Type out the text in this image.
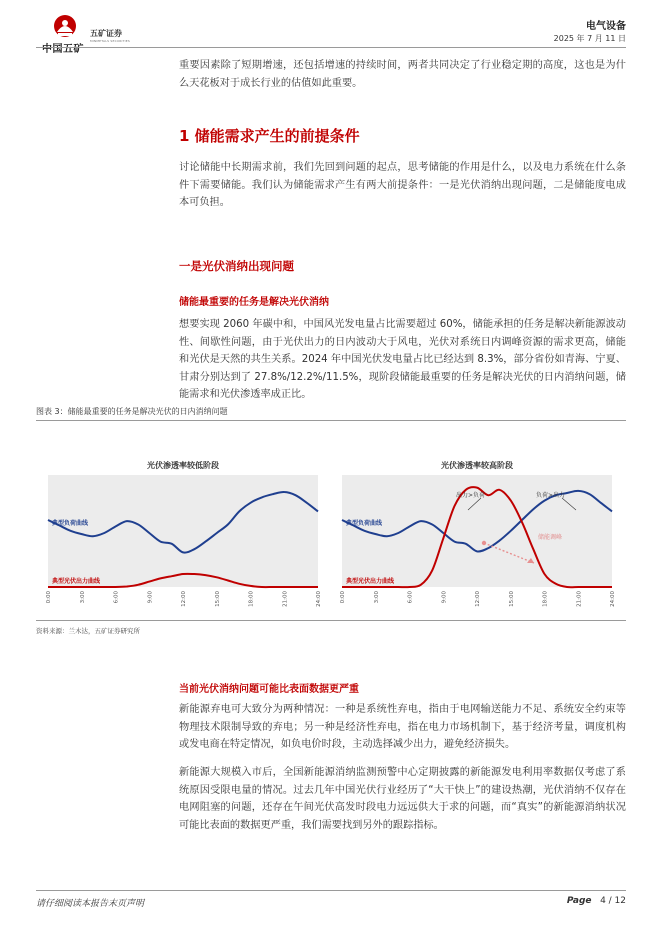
中国五矿
五矿证券
MINMETALS SECURITIES
电气设备
2025 年 7 月 11 日

重要因素除了短期增速，还包括增速的持续时间，两者共同决定了行业稳定期的高度，这也是为什么天花板对于成长行业的估值如此重要。

1 储能需求产生的前提条件

讨论储能中长期需求前，我们先回到问题的起点，思考储能的作用是什么，以及电力系统在什么条件下需要储能。我们认为储能需求产生有两大前提条件：一是光伏消纳出现问题，二是储能度电成本可负担。

一是光伏消纳出现问题
储能最重要的任务是解决光伏消纳

想要实现 2060 年碳中和，中国风光发电量占比需要超过 60%，储能承担的任务是解决新能源波动性、间歇性问题，由于光伏出力的日内波动大于风电，光伏对系统日内调峰资源的需求更高，储能和光伏是天然的共生关系。2024 年中国光伏发电量占比已经达到 8.3%，部分省份如青海、宁夏、甘肃分别达到了 27.8%/12.2%/11.5%，现阶段储能最重要的任务是解决光伏的日内消纳问题，储能需求和光伏渗透率成正比。

图表 3：储能最重要的任务是解决光伏的日内消纳问题
光伏渗透率较低阶段
典型负荷曲线
典型光伏出力曲线
0:00	3:00	6:00	9:00	12:00	15:00	18:00	21:00	24:00
光伏渗透率较高阶段
典型负荷曲线
典型光伏出力曲线
出力>负荷	负荷>出力
储能调峰
0:00	3:00	6:00	9:00	12:00	15:00	18:00	21:00	24:00
资料来源：兰木达，五矿证券研究所
当前光伏消纳问题可能比表面数据更严重

新能源弃电可大致分为两种情况：一种是系统性弃电，指由于电网输送能力不足、系统安全约束等物理技术限制导致的弃电；另一种是经济性弃电，指在电力市场机制下，基于经济考量，调度机构或发电商在特定情况，如负电价时段，主动选择减少出力，避免经济损失。

新能源大规模入市后，全国新能源消纳监测预警中心定期披露的新能源发电利用率数据仅考虑了系统原因受限电量的情况。过去几年中国光伏行业经历了“大干快上”的建设热潮，光伏消纳不仅存在电网阻塞的问题，还存在午间光伏高发时段电力远远供大于求的问题，而“真实”的新能源消纳状况可能比表面的数据更严重，我们需要找到另外的跟踪指标。

请仔细阅读本报告末页声明	Page   4 / 12
